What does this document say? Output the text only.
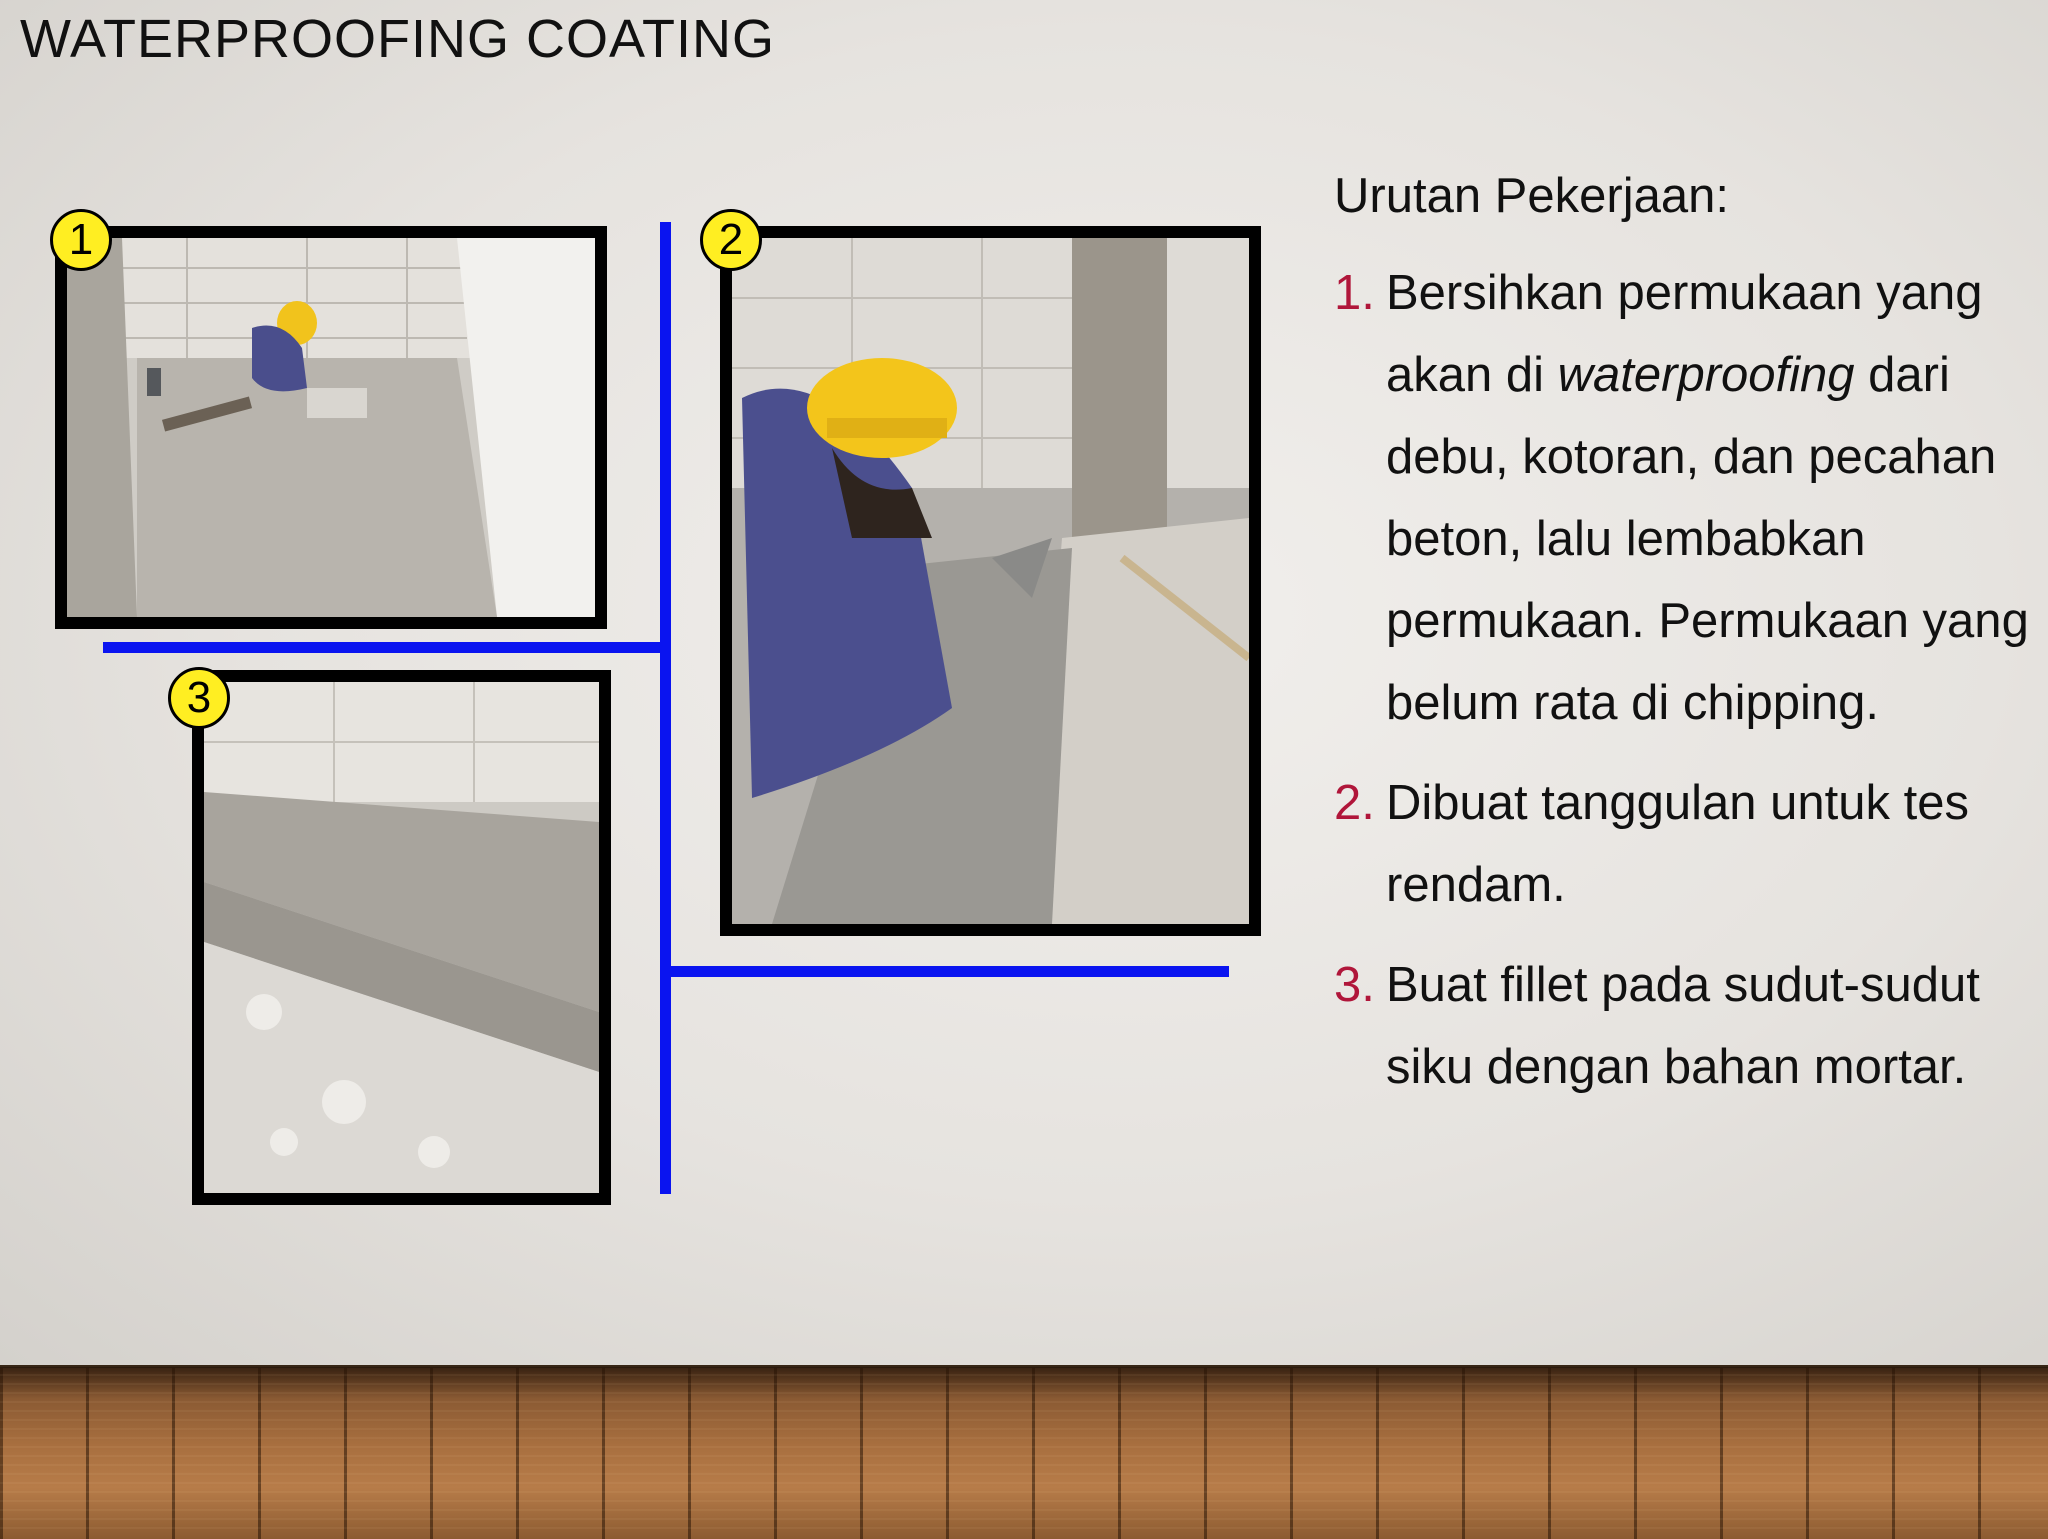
WATERPROOFING COATING
1	2
3
Urutan Pekerjaan:
1. Bersihkan permukaan yang akan di waterproofing dari debu, kotoran, dan pecahan beton, lalu lembabkan permukaan. Permukaan yang belum rata di chipping.
2. Dibuat tanggulan untuk tes rendam.
3. Buat fillet pada sudut-sudut siku dengan bahan mortar.
